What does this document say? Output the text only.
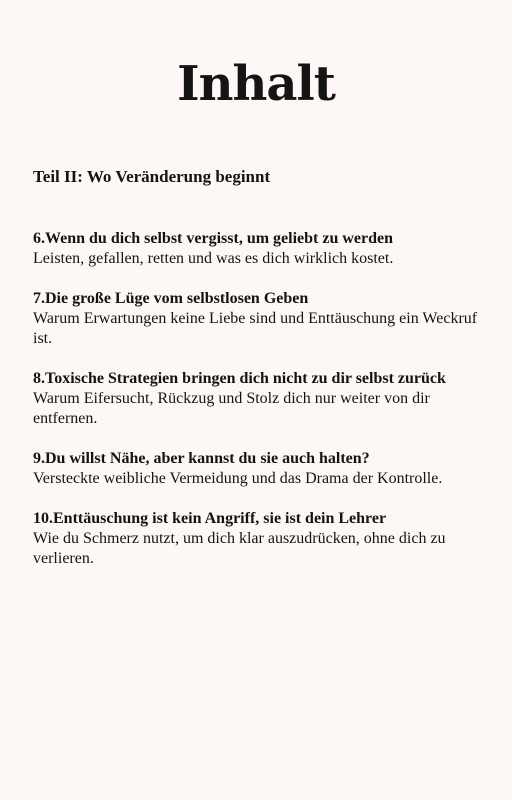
Inhalt
Teil II: Wo Veränderung beginnt
6.Wenn du dich selbst vergisst, um geliebt zu werden
Leisten, gefallen, retten und was es dich wirklich kostet.
7.Die große Lüge vom selbstlosen Geben
Warum Erwartungen keine Liebe sind und Enttäuschung ein Weckruf ist.
8.Toxische Strategien bringen dich nicht zu dir selbst zurück
Warum Eifersucht, Rückzug und Stolz dich nur weiter von dir entfernen.
9.Du willst Nähe, aber kannst du sie auch halten?
Versteckte weibliche Vermeidung und das Drama der Kontrolle.
10.Enttäuschung ist kein Angriff, sie ist dein Lehrer
Wie du Schmerz nutzt, um dich klar auszudrücken, ohne dich zu verlieren.
